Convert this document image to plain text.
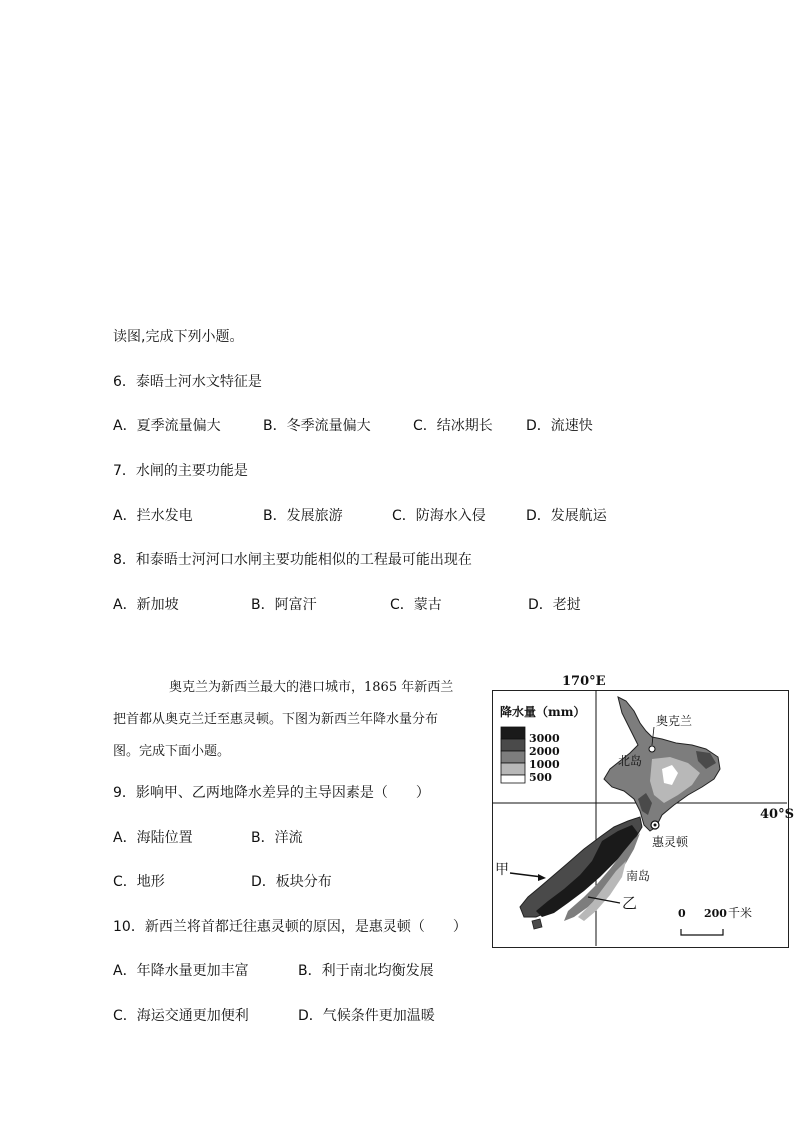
读图,完成下列小题。
6．泰晤士河水文特征是
A．夏季流量偏大	B．冬季流量偏大	C．结冰期长 D．流速快
7．水闸的主要功能是
A．拦水发电	B．发展旅游	C．防海水入侵	D．发展航运
8．和泰晤士河河口水闸主要功能相似的工程最可能出现在
A．新加坡	B．阿富汗	C．蒙古	D．老挝
奥克兰为新西兰最大的港口城市，1865 年新西兰
把首都从奥克兰迁至惠灵顿。下图为新西兰年降水量分布
图。完成下面小题。
9．影响甲、乙两地降水差异的主导因素是（　　）
A．海陆位置	B．洋流
C．地形	D．板块分布
10．新西兰将首都迁往惠灵顿的原因，是惠灵顿（　　）
A．年降水量更加丰富	B．利于南北均衡发展
C．海运交通更加便利	D．气候条件更加温暖
170°E
40°S
降水量（mm）
3000
2000
1000
500
奥克兰
北岛
惠灵顿
南岛
甲
乙
0 200 千米
